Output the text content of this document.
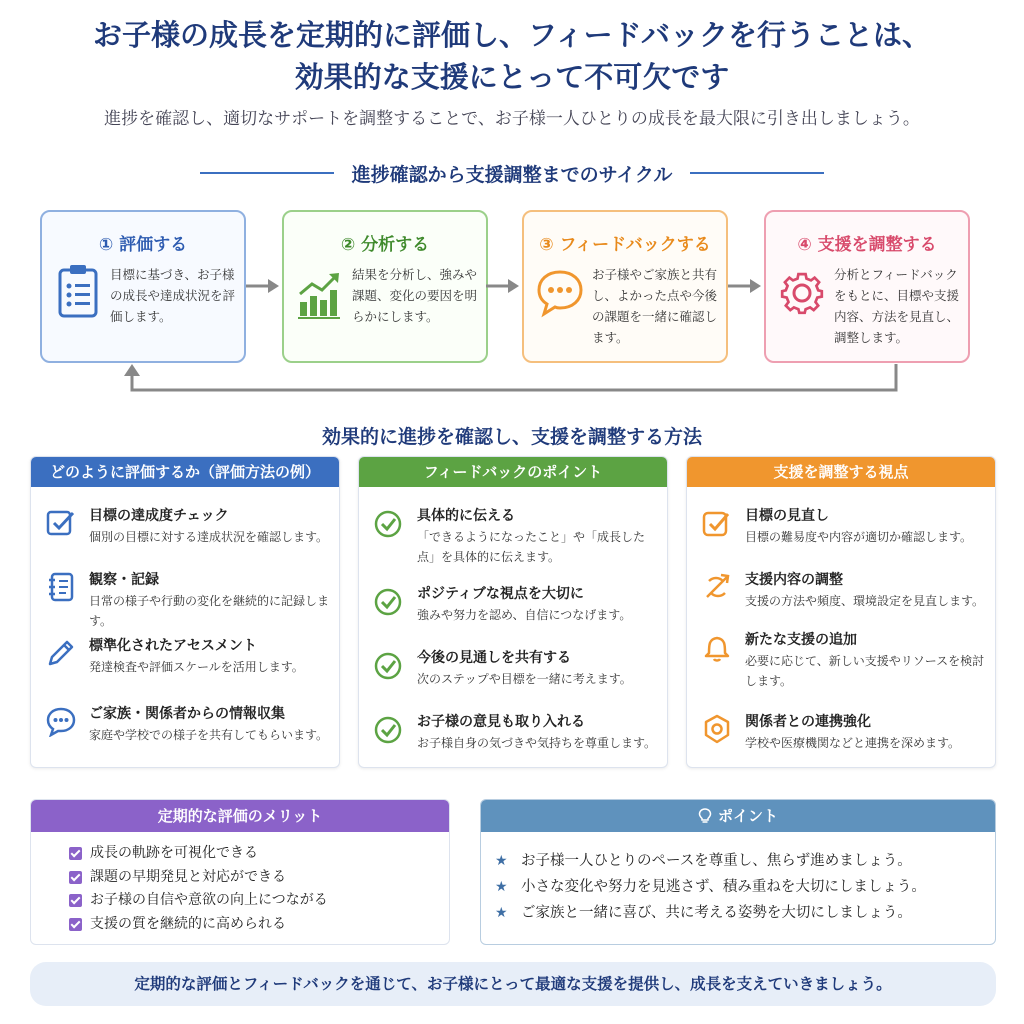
お子様の成長を定期的に評価し、フィードバックを行うことは、
効果的な支援にとって不可欠です
進捗を確認し、適切なサポートを調整することで、お子様一人ひとりの成長を最大限に引き出しましょう。
進捗確認から支援調整までのサイクル
① 評価する
目標に基づき、お子様の成長や達成状況を評価します。
② 分析する
結果を分析し、強みや課題、変化の要因を明らかにします。
③ フィードバックする
お子様やご家族と共有し、よかった点や今後の課題を一緒に確認します。
④ 支援を調整する
分析とフィードバックをもとに、目標や支援内容、方法を見直し、調整します。
効果的に進捗を確認し、支援を調整する方法
どのように評価するか（評価方法の例）
目標の達成度チェック
個別の目標に対する達成状況を確認します。
観察・記録
日常の様子や行動の変化を継続的に記録します。
標準化されたアセスメント
発達検査や評価スケールを活用します。
ご家族・関係者からの情報収集
家庭や学校での様子を共有してもらいます。
フィードバックのポイント
具体的に伝える
「できるようになったこと」や「成長した点」を具体的に伝えます。
ポジティブな視点を大切に
強みや努力を認め、自信につなげます。
今後の見通しを共有する
次のステップや目標を一緒に考えます。
お子様の意見も取り入れる
お子様自身の気づきや気持ちを尊重します。
支援を調整する視点
目標の見直し
目標の難易度や内容が適切か確認します。
支援内容の調整
支援の方法や頻度、環境設定を見直します。
新たな支援の追加
必要に応じて、新しい支援やリソースを検討します。
関係者との連携強化
学校や医療機関などと連携を深めます。
定期的な評価のメリット
成長の軌跡を可視化できる
課題の早期発見と対応ができる
お子様の自信や意欲の向上につながる
支援の質を継続的に高められる
ポイント
★ お子様一人ひとりのペースを尊重し、焦らず進めましょう。
★ 小さな変化や努力を見逃さず、積み重ねを大切にしましょう。
★ ご家族と一緒に喜び、共に考える姿勢を大切にしましょう。
定期的な評価とフィードバックを通じて、お子様にとって最適な支援を提供し、成長を支えていきましょう。
